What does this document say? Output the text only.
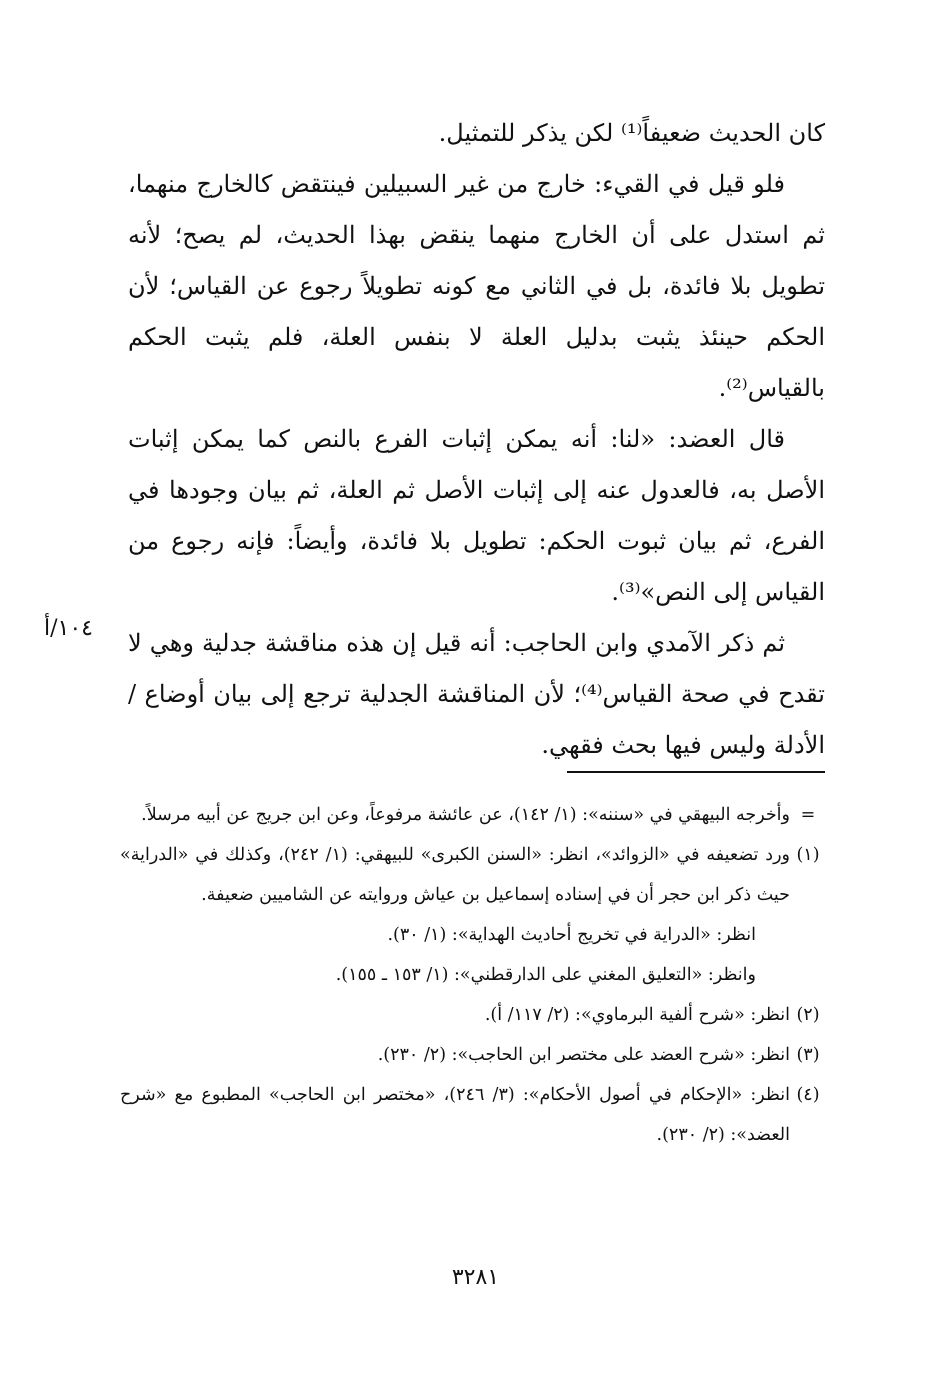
كان الحديث ضعيفاً⁽¹⁾ لكن يذكر للتمثيل.

فلو قيل في القيء: خارج من غير السبيلين فينتقض كالخارج منهما، ثم استدل على أن الخارج منهما ينقض بهذا الحديث، لم يصح؛ لأنه تطويل بلا فائدة، بل في الثاني مع كونه تطويلاً رجوع عن القياس؛ لأن الحكم حينئذ يثبت بدليل العلة لا بنفس العلة، فلم يثبت الحكم بالقياس⁽²⁾.

قال العضد: «لنا: أنه يمكن إثبات الفرع بالنص كما يمكن إثبات الأصل به، فالعدول عنه إلى إثبات الأصل ثم العلة، ثم بيان وجودها في الفرع، ثم بيان ثبوت الحكم: تطويل بلا فائدة، وأيضاً: فإنه رجوع من القياس إلى النص»⁽³⁾.

ثم ذكر الآمدي وابن الحاجب: أنه قيل إن هذه مناقشة جدلية وهي لا تقدح في صحة القياس⁽⁴⁾؛ لأن المناقشة الجدلية ترجع إلى بيان أوضاع / الأدلة وليس فيها بحث فقهي.

١٠٤/أ
=
وأخرجه البيهقي في «سننه»: (١/ ١٤٢)، عن عائشة مرفوعاً، وعن ابن جريج عن أبيه مرسلاً.
(١)
ورد تضعيفه في «الزوائد»، انظر: «السنن الكبرى» للبيهقي: (١/ ٢٤٢)، وكذلك في «الدراية» حيث ذكر ابن حجر أن في إسناده إسماعيل بن عياش وروايته عن الشاميين ضعيفة.
انظر: «الدراية في تخريج أحاديث الهداية»: (١/ ٣٠).
وانظر: «التعليق المغني على الدارقطني»: (١/ ١٥٣ ـ ١٥٥).
(٢)
انظر: «شرح ألفية البرماوي»: (٢/ ١١٧/ أ).
(٣)
انظر: «شرح العضد على مختصر ابن الحاجب»: (٢/ ٢٣٠).
(٤)
انظر: «الإحكام في أصول الأحكام»: (٣/ ٢٤٦)، «مختصر ابن الحاجب» المطبوع مع «شرح العضد»: (٢/ ٢٣٠).
٣٢٨١
